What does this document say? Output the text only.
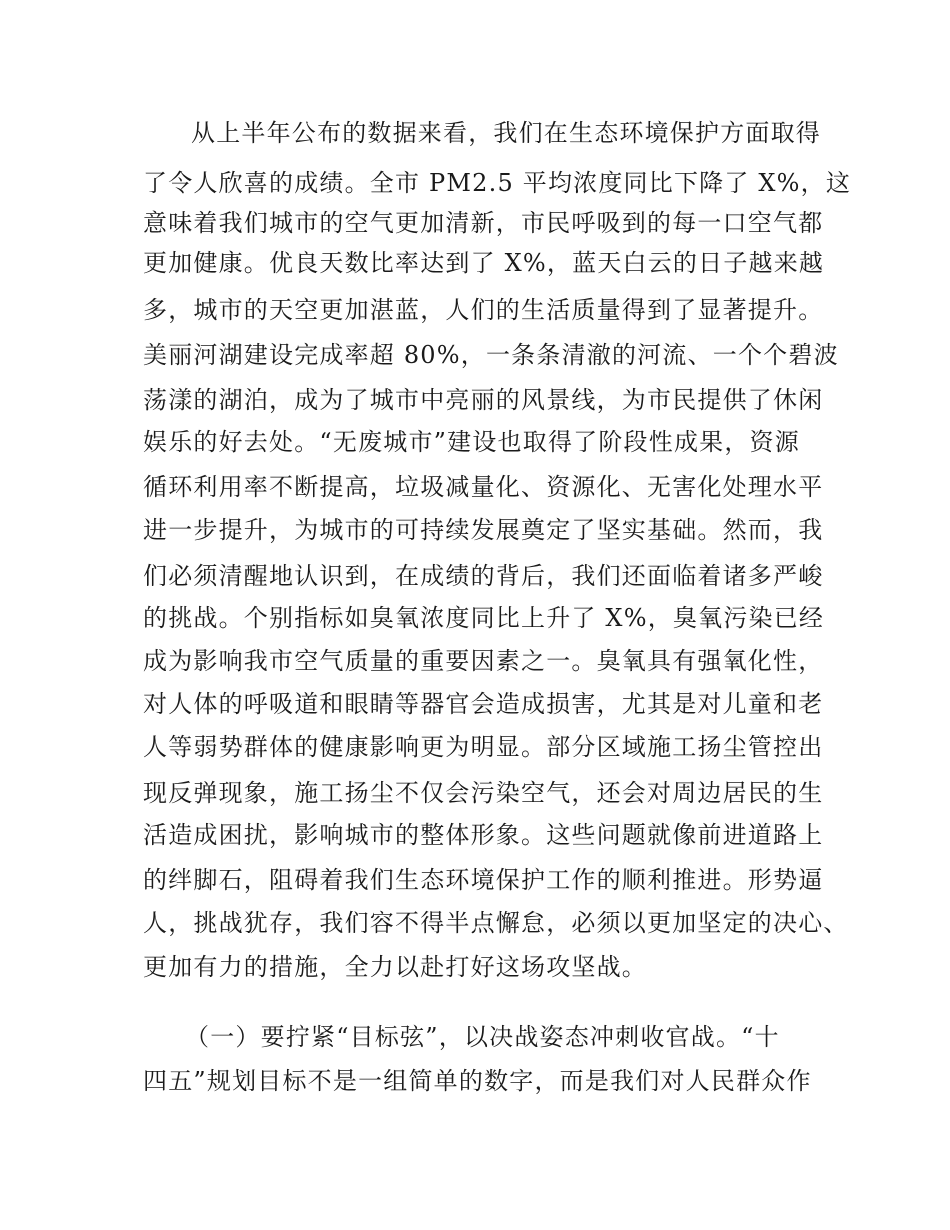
从上半年公布的数据来看，我们在生态环境保护方面取得
了令人欣喜的成绩。全市 PM2.5 平均浓度同比下降了 X%，这
意味着我们城市的空气更加清新，市民呼吸到的每一口空气都
更加健康。优良天数比率达到了 X%，蓝天白云的日子越来越
多，城市的天空更加湛蓝，人们的生活质量得到了显著提升。
美丽河湖建设完成率超 80%，一条条清澈的河流、一个个碧波
荡漾的湖泊，成为了城市中亮丽的风景线，为市民提供了休闲
娱乐的好去处。“无废城市”建设也取得了阶段性成果，资源
循环利用率不断提高，垃圾减量化、资源化、无害化处理水平
进一步提升，为城市的可持续发展奠定了坚实基础。然而，我
们必须清醒地认识到，在成绩的背后，我们还面临着诸多严峻
的挑战。个别指标如臭氧浓度同比上升了 X%，臭氧污染已经
成为影响我市空气质量的重要因素之一。臭氧具有强氧化性，
对人体的呼吸道和眼睛等器官会造成损害，尤其是对儿童和老
人等弱势群体的健康影响更为明显。部分区域施工扬尘管控出
现反弹现象，施工扬尘不仅会污染空气，还会对周边居民的生
活造成困扰，影响城市的整体形象。这些问题就像前进道路上
的绊脚石，阻碍着我们生态环境保护工作的顺利推进。形势逼
人，挑战犹存，我们容不得半点懈怠，必须以更加坚定的决心、
更加有力的措施，全力以赴打好这场攻坚战。
（一）要拧紧“目标弦”，以决战姿态冲刺收官战。“十
四五”规划目标不是一组简单的数字，而是我们对人民群众作
